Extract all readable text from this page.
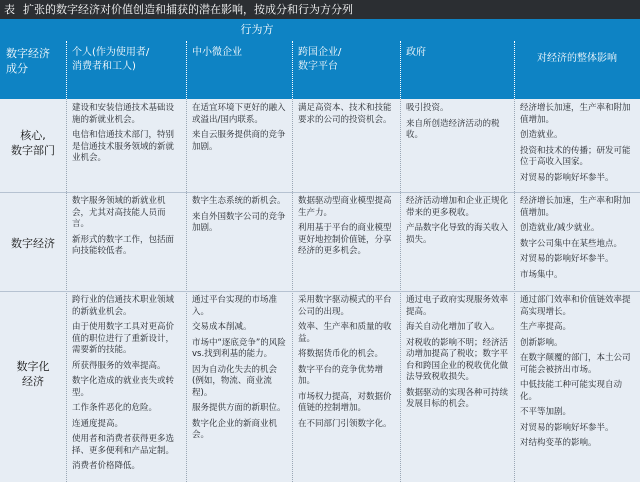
表 扩张的数字经济对价值创造和捕获的潜在影响，按成分和行为方分列
行为方
对经济的整体影响
数字经济
成分
个人(作为使用者/
消费者和工人)
中小微企业	跨国企业/
数字平台
政府
核心,
数字部门
数字经济
数字化
经济

建设和安装信通技术基础设施的新就业机会。

电信和信通技术部门，特别是信通技术服务领域的新就业机会。

在适宜环境下更好的融入或溢出/国内联系。

来自云服务提供商的竞争加剧。

满足高资本、技术和技能要求的公司的投资机会。

吸引投资。

来自所创造经济活动的税收。

经济增长加速，生产率和附加值增加。

创造就业。

投资和技术的传播；研发可能位于高收入国家。

对贸易的影响好坏参半。

数字服务领域的新就业机会，尤其对高技能人员而言。

新形式的数字工作，包括面向技能较低者。

数字生态系统的新机会。

来自外国数字公司的竞争加剧。

数据驱动型商业模型提高生产力。

利用基于平台的商业模型更好地控制价值链，分享经济的更多机会。

经济活动增加和企业正规化带来的更多税收。

产品数字化导致的海关收入损失。

经济增长加速，生产率和附加值增加。

创造就业/减少就业。

数字公司集中在某些地点。

对贸易的影响好坏参半。

市场集中。

跨行业的信通技术职业领域的新就业机会。

由于使用数字工具对更高价值的职位进行了重新设计，需要新的技能。

所获得服务的效率提高。

数字化造成的就业丧失或转型。

工作条件恶化的危险。

连通度提高。

使用者和消费者获得更多选择、更多便利和产品定制。

消费者价格降低。

通过平台实现的市场准入。

交易成本削减。

市场中“逐底竞争”的风险vs.找到利基的能力。

因为自动化失去的机会(例如，物流、商业流程)。

服务提供方面的新职位。

数字化企业的新商业机会。

采用数字驱动模式的平台公司的出现。

效率、生产率和质量的收益。

将数据货币化的机会。

数字平台的竞争优势增加。

市场权力提高，对数据价值链的控制增加。

在不同部门引领数字化。

通过电子政府实现服务效率提高。

海关自动化增加了收入。

对税收的影响不明；经济活动增加提高了税收；数字平台和跨国企业的税收优化做法导致税收损失。

数据驱动的实现各种可持续发展目标的机会。

通过部门效率和价值链效率提高实现增长。

生产率提高。

创新影响。

在数字颠覆的部门，本土公司可能会被挤出市场。

中低技能工种可能实现自动化。

不平等加剧。

对贸易的影响好坏参半。

对结构变革的影响。
